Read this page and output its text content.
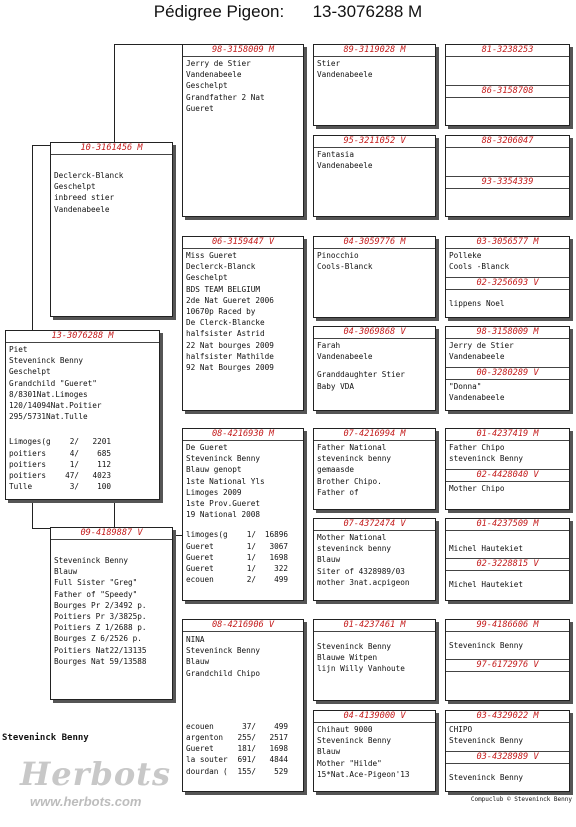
Pédigree Pigeon: 13-3076288 M
13-3076288 M
Piet
Steveninck Benny
Geschelpt
Grandchild "Gueret"
8/8301Nat.Limoges
120/14094Nat.Poitier
295/5731Nat.Tulle
Limoges(g	2/	2201
poitiers	4/	685
poitiers	1/	112
poitiers	47/	4023
Tulle	3/	100
10-3161456 M
Declerck-Blanck
Geschelpt
inbreed stier
Vandenabeele
09-4189887 V
Steveninck Benny
Blauw
Full Sister "Greg"
Father of "Speedy"
Bourges Pr 2/3492 p.
Poitiers Pr 3/3825p.
Poitiers Z 1/2688 p.
Bourges Z 6/2526 p.
Poitiers Nat22/13135
Bourges Nat 59/13588
98-3158009 M
Jerry de Stier
Vandenabeele
Geschelpt
Grandfather 2 Nat
Gueret
06-3159447 V
Miss Gueret
Declerck-Blanck
Geschelpt
BDS TEAM BELGIUM
2de Nat Gueret 2006
10670p Raced by
De Clerck-Blancke
halfsister Astrid
22 Nat bourges 2009
halfsister Mathilde
92 Nat Bourges 2009
08-4216930 M
De Gueret
Steveninck Benny
Blauw genopt
1ste National Yls
Limoges 2009
1ste Prov.Gueret
19 National 2008
limoges(g	1/	16896
Gueret	1/	3067
Gueret	1/	1698
Gueret	1/	322
ecouen	2/	499
08-4216906 V
NINA
Steveninck Benny
Blauw
Grandchild Chipo
ecouen	37/	499
argenton	255/	2517
Gueret	181/	1698
la souter	691/	4844
dourdan (	155/	529
89-3119028 M
Stier
Vandenabeele
95-3211052 V
Fantasia
Vandenabeele
04-3059776 M
Pinocchio
Cools-Blanck
04-3069868 V
Farah
Vandenabeele
Granddaughter Stier
Baby VDA
07-4216994 M
Father National
steveninck benny
gemaasde
Brother Chipo.
Father of
07-4372474 V
Mother National
steveninck benny
Blauw
Siter of 4328989/03
mother 3nat.acpigeon
01-4237461 M
Steveninck Benny
Blauwe Witpen
lijn Willy Vanhoute
04-4139000 V
Chihaut 9000
Steveninck Benny
Blauw
Mother "Hilde"
15*Nat.Ace-Pigeon'13
81-3238253
86-3158708
88-3206047
93-3354339
03-3056577 M
Polleke
Cools -Blanck
02-3256693 V
lippens Noel
98-3158009 M
Jerry de Stier
Vandenabeele
00-3280289 V
"Donna"
Vandenabeele
01-4237419 M
Father Chipo
steveninck Benny
02-4428040 V
Mother Chipo
01-4237509 M
Michel Hautekiet
02-3228815 V
Michel Hautekiet
99-4186606 M
Steveninck Benny
97-6172976 V
03-4329022 M
CHIPO
Steveninck Benny
03-4328989 V
Steveninck Benny
Steveninck Benny
Herbots
www.herbots.com	Compuclub © Steveninck Benny
